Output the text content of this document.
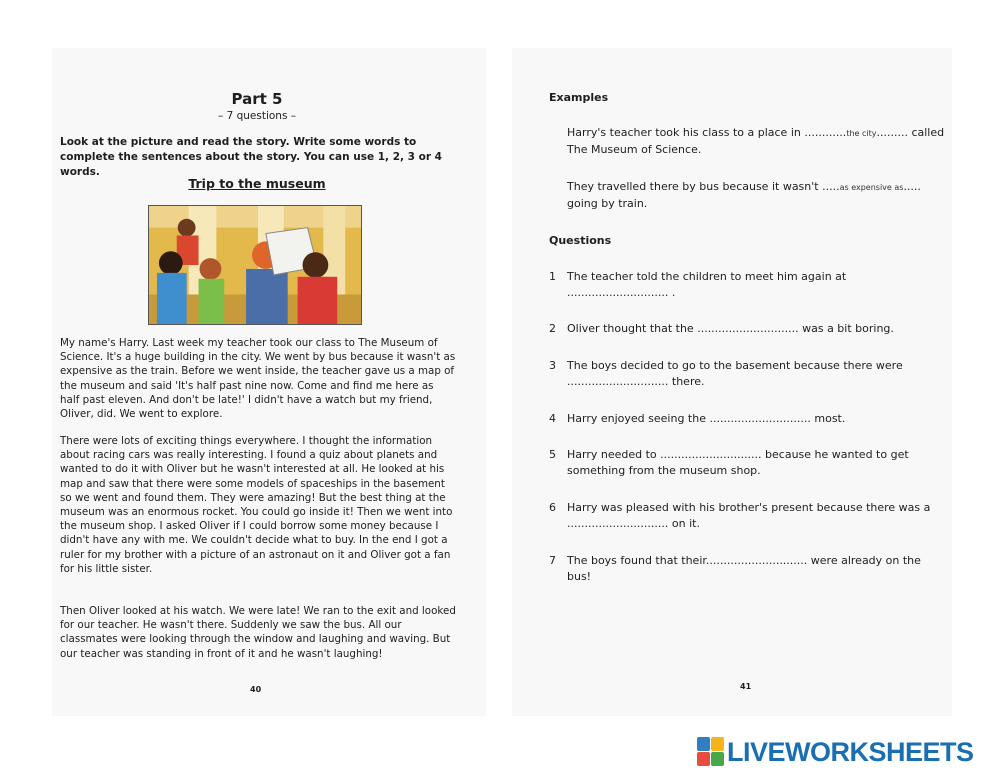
Part 5
– 7 questions –
Look at the picture and read the story. Write some words to complete the sentences about the story. You can use 1, 2, 3 or 4 words.
Trip to the museum
My name's Harry. Last week my teacher took our class to The Museum of Science. It's a huge building in the city. We went by bus because it wasn't as expensive as the train. Before we went inside, the teacher gave us a map of the museum and said 'It's half past nine now. Come and find me here as half past eleven. And don't be late!' I didn't have a watch but my friend, Oliver, did. We went to explore.
There were lots of exciting things everywhere. I thought the information about racing cars was really interesting. I found a quiz about planets and wanted to do it with Oliver but he wasn't interested at all. He looked at his map and saw that there were some models of spaceships in the basement so we went and found them. They were amazing! But the best thing at the museum was an enormous rocket. You could go inside it! Then we went into the museum shop. I asked Oliver if I could borrow some money because I didn't have any with me. We couldn't decide what to buy. In the end I got a ruler for my brother with a picture of an astronaut on it and Oliver got a fan for his little sister.
Then Oliver looked at his watch. We were late! We ran to the exit and looked for our teacher. He wasn't there. Suddenly we saw the bus. All our classmates were looking through the window and laughing and waving. But our teacher was standing in front of it and he wasn't laughing!
40
Examples
Harry's teacher took his class to a place in ............the city......... called The Museum of Science.
They travelled there by bus because it wasn't .....as expensive as..... going by train.
Questions
1 The teacher told the children to meet him again at ............................. .
2 Oliver thought that the ............................. was a bit boring.
3 The boys decided to go to the basement because there were ............................. there.
4 Harry enjoyed seeing the ............................. most.
5 Harry needed to ............................. because he wanted to get something from the museum shop.
6 Harry was pleased with his brother's present because there was a ............................. on it.
7 The boys found that their............................. were already on the bus!
41
LIVEWORKSHEETS
